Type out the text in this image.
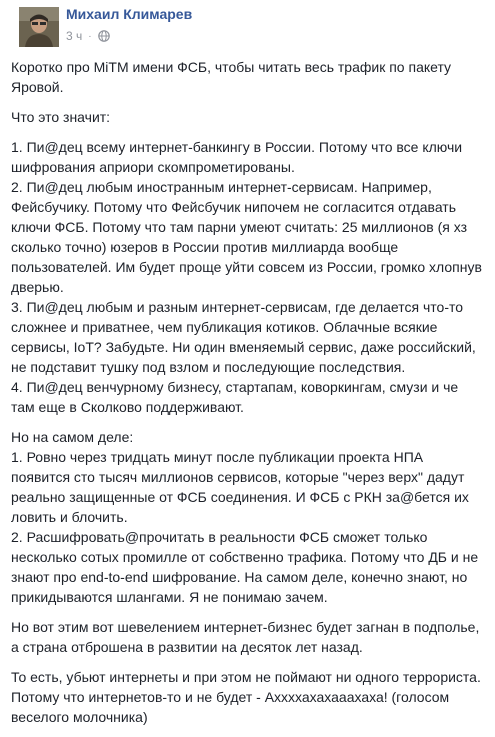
Михаил Климарев
3 ч ·

Коротко про MiTM имени ФСБ, чтобы читать весь трафик по пакету Яровой.

Что это значит:

1. Пи@дец всему интернет-банкингу в России. Потому что все ключи шифрования априори скомпрометированы.
2. Пи@дец любым иностранным интернет-сервисам. Например, Фейсбучику. Потому что Фейсбучик нипочем не согласится отдавать ключи ФСБ. Потому что там парни умеют считать: 25 миллионов (я хз сколько точно) юзеров в России против миллиарда вообще пользователей. Им будет проще уйти совсем из России, громко хлопнув дверью.
3. Пи@дец любым и разным интернет-сервисам, где делается что-то сложнее и приватнее, чем публикация котиков. Облачные всякие сервисы, IoT? Забудьте. Ни один вменяемый сервис, даже российский, не подставит тушку под взлом и последующие последствия.
4. Пи@дец венчурному бизнесу, стартапам, коворкингам, смузи и че там еще в Сколково поддерживают.

Но на самом деле:
1. Ровно через тридцать минут после публикации проекта НПА появится сто тысяч миллионов сервисов, которые "через верх" дадут реально защищенные от ФСБ соединения. И ФСБ с РКН за@бется их ловить и блочить.
2. Расшифровать@прочитать в реальности ФСБ сможет только несколько сотых промилле от собственно трафика. Потому что ДБ и не знают про end-to-end шифрование. На самом деле, конечно знают, но прикидываются шлангами. Я не понимаю зачем.

Но вот этим вот шевелением интернет-бизнес будет загнан в подполье, а страна отброшена в развитии на десяток лет назад.

То есть, убьют интернеты и при этом не поймают ни одного террориста. Потому что интернетов-то и не будет - Аххххахахааахаха! (голосом веселого молочника)
